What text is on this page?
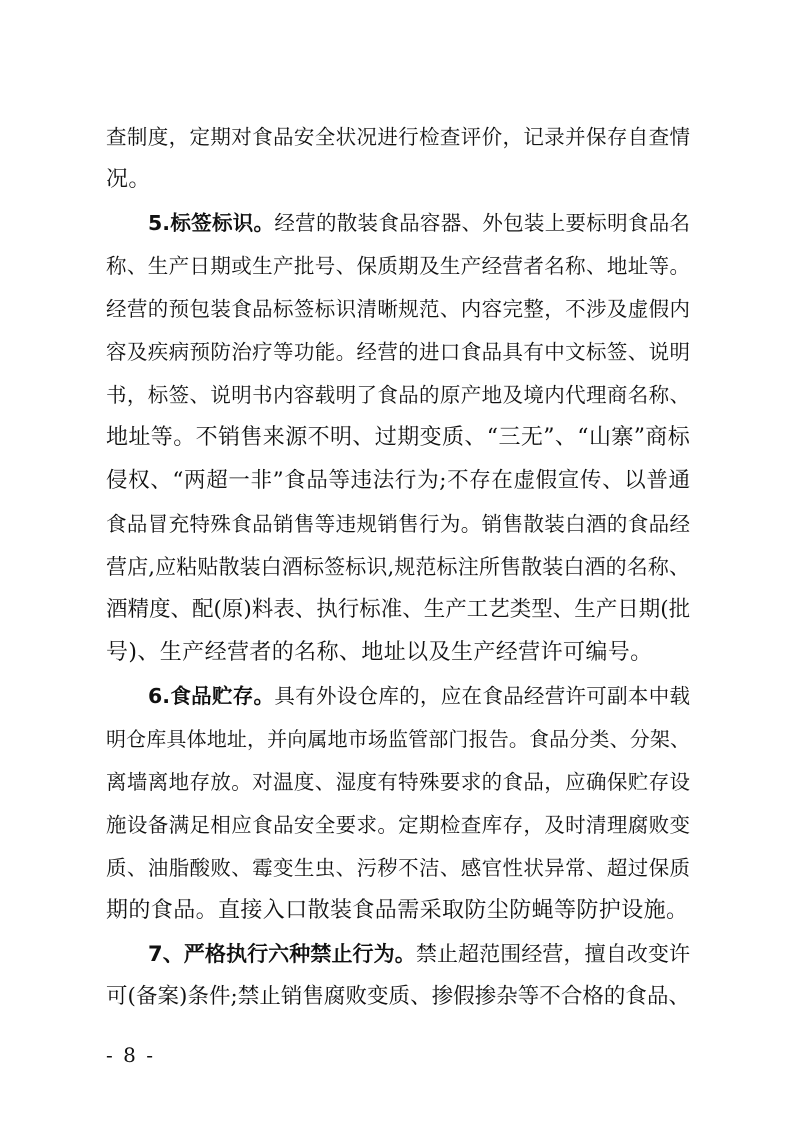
查制度，定期对食品安全状况进行检查评价，记录并保存自查情
况。
5.标签标识。经营的散装食品容器、外包装上要标明食品名
称、生产日期或生产批号、保质期及生产经营者名称、地址等。
经营的预包装食品标签标识清晰规范、内容完整，不涉及虚假内
容及疾病预防治疗等功能。经营的进口食品具有中文标签、说明
书，标签、说明书内容载明了食品的原产地及境内代理商名称、
地址等。不销售来源不明、过期变质、“三无”、“山寨”商标
侵权、“两超一非”食品等违法行为;不存在虚假宣传、以普通
食品冒充特殊食品销售等违规销售行为。销售散装白酒的食品经
营店,应粘贴散装白酒标签标识,规范标注所售散装白酒的名称、
酒精度、配(原)料表、执行标准、生产工艺类型、生产日期(批
号)、生产经营者的名称、地址以及生产经营许可编号。
6.食品贮存。具有外设仓库的，应在食品经营许可副本中载
明仓库具体地址，并向属地市场监管部门报告。食品分类、分架、
离墙离地存放。对温度、湿度有特殊要求的食品，应确保贮存设
施设备满足相应食品安全要求。定期检查库存，及时清理腐败变
质、油脂酸败、霉变生虫、污秽不洁、感官性状异常、超过保质
期的食品。直接入口散装食品需采取防尘防蝇等防护设施。
7、严格执行六种禁止行为。禁止超范围经营，擅自改变许
可(备案)条件;禁止销售腐败变质、掺假掺杂等不合格的食品、
- 8 -
